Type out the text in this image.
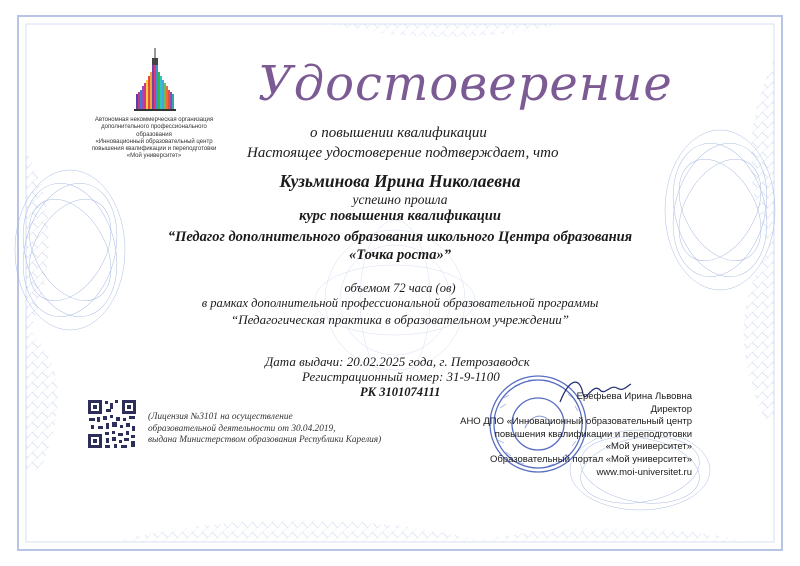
Автономная некоммерческая организация
дополнительного профессионального образования
«Инновационный образовательный центр
повышения квалификации и переподготовки
«Мой университет»
Удостоверение
о повышении квалификации
Настоящее удостоверение подтверждает, что
Кузьминова Ирина Николаевна
успешно прошла
курс повышения квалификации
“Педагог дополнительного образования школьного Центра образования
«Точка роста»”
объемом 72 часа (ов)
в рамках дополнительной профессиональной образовательной программы
“Педагогическая практика в образовательном учреждении”
Дата выдачи: 20.02.2025 года, г. Петрозаводск
Регистрационный номер: 31-9-1100
РК 3101074111
(Лицензия №3101 на осуществление
образовательной деятельности от 30.04.2019,
выдана Министерством образования Республики Карелия)
Ерефьева Ирина Львовна
Директор
АНО ДПО «Инновационный образовательный центр
повышения квалификации и переподготовки
«Мой университет»
Образовательный портал «Мой университет»
www.moi-universitet.ru
